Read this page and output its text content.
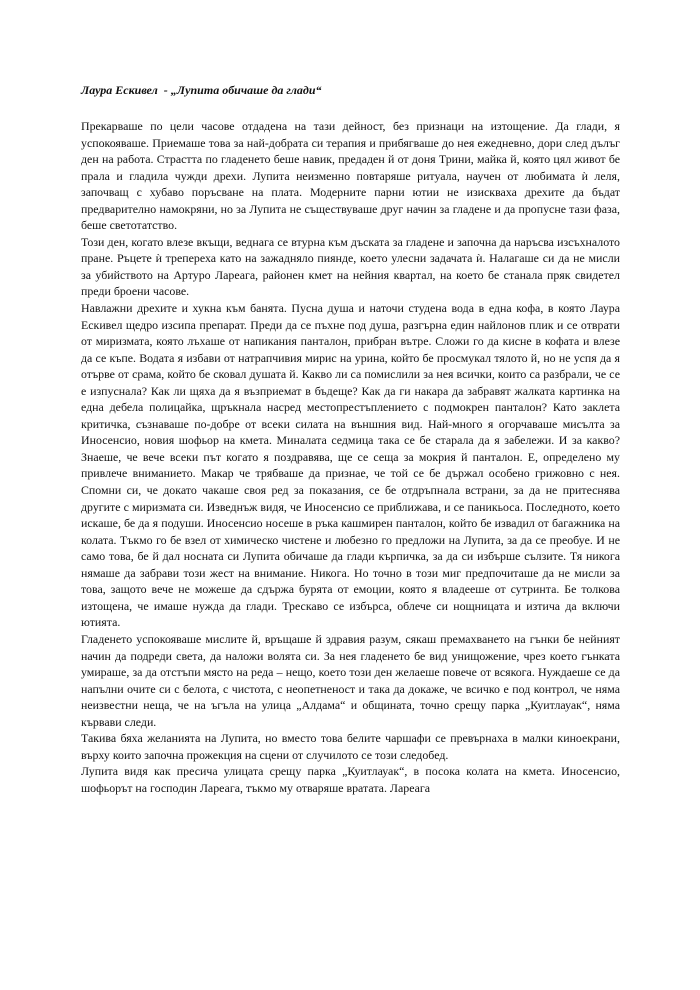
Лаура Ескивел  - „Лупита обичаше да глади“

Прекарваше по цели часове отдадена на тази дейност, без признаци на изтощение. Да глади, я успокояваше. Приемаше това за най-добрата си терапия и прибягваше до нея ежедневно, дори след дълъг ден на работа. Страстта по гладенето беше навик, предаден й от доня Трини, майка й, която цял живот бе прала и гладила чужди дрехи. Лупита неизменно повтаряше ритуала, научен от любимата ѝ леля, започващ с хубаво поръсване на платa. Модерните парни ютии не изискваха дрехите да бъдат предварително намокряни, но за Лупита не съществуваше друг начин за гладене и да пропусне тази фаза, беше светотатство.

Този ден, когато влезе вкъщи, веднага се втурна към дъската за гладене и започна да наръсва изсъхналото пране. Ръцете ѝ трепереха като на зажадняло пиянде, което улесни задачата ѝ. Налагаше си да не мисли за убийството на Артуро Лареага, районен кмет на нейния квартал, на което бе станала пряк свидетел преди броени часове.

Навлажни дрехите и хукна към банята. Пусна душа и наточи студена вода в една кофа, в която Лаура Ескивел щедро изсипа препарат. Преди да се пъхне под душа, разгърна един найлонов плик и се отврати от миризмата, която лъхаше от напикания панталон, прибран вътре. Сложи го да кисне в кофата и влезе да се къпе. Водата я избави от натрапчивия мирис на урина, който бе просмукал тялото й, но не успя да я отърве от срама, който бе сковал душата й. Какво ли са помислили за нея всички, които са разбрали, че се е изпуснала? Как ли щяха да я възприемат в бъдеще? Как да ги накара да забравят жалката картинка на една дебела полицайка, щръкнала насред местопрестъплението с подмокрен панталон? Като заклета критичка, съзнаваше по-добре от всеки силата на външния вид. Най-много я огорчаваше мисълта за Иносенсио, новия шофьор на кмета. Миналата седмица така се бе старала да я забележи. И за какво? Знаеше, че вече всеки път когато я поздравява, ще се сеща за мокрия й панталон. Е, определено му привлече вниманието. Макар че трябваше да признае, че той се бе държал особено грижовно с нея. Спомни си, че докато чакаше своя ред за показания, се бе отдръпнала встрани, за да не притеснява другите с миризмата си. Изведнъж видя, че Иносенсио се приближава, и се паникьоса. Последното, което искаше, бе да я подуши. Иносенсио носеше в ръка кашмирен панталон, който бе извадил от багажника на колата. Тъкмо го бе взел от химическо чистене и любезно го предложи на Лупита, за да се преобуе. И не само това, бе й дал носната си Лупита обичаше да глади кърпичка, за да си избърше сълзите. Тя никога нямаше да забрави този жест на внимание. Никога. Но точно в този миг предпочиташе да не мисли за това, защото вече не можеше да сдържа бурята от емоции, която я владееше от сутринта. Бе толкова изтощена, че имаше нужда да глади. Трескаво се избърса, облече си нощницата и изтича да включи ютията.

Гладенето успокояваше мислите й, връщаше й здравия разум, сякаш премахването на гънки бе нейният начин да подреди света, да наложи волята си. За нея гладенето бе вид унищожение, чрез което гънката умираше, за да отстъпи място на реда – нещо, което този ден желаеше повече от всякога. Нуждаеше се да напълни очите си с белота, с чистота, с неопетненост и така да докаже, че всичко е под контрол, че няма неизвестни неща, че на ъгъла на улица „Алдама“ и общината, точно срещу парка „Куитлауак“, няма кървави следи.

Такива бяха желанията на Лупита, но вместо това белите чаршафи се превърнаха в малки киноекрани, върху които започна прожекция на сцени от случилото се този следобед.

Лупита видя как пресича улицата срещу парка „Куитлауак“, в посока колата на кмета. Иносенсио, шофьорът на господин Лареага, тъкмо му отваряше вратата. Лареага
